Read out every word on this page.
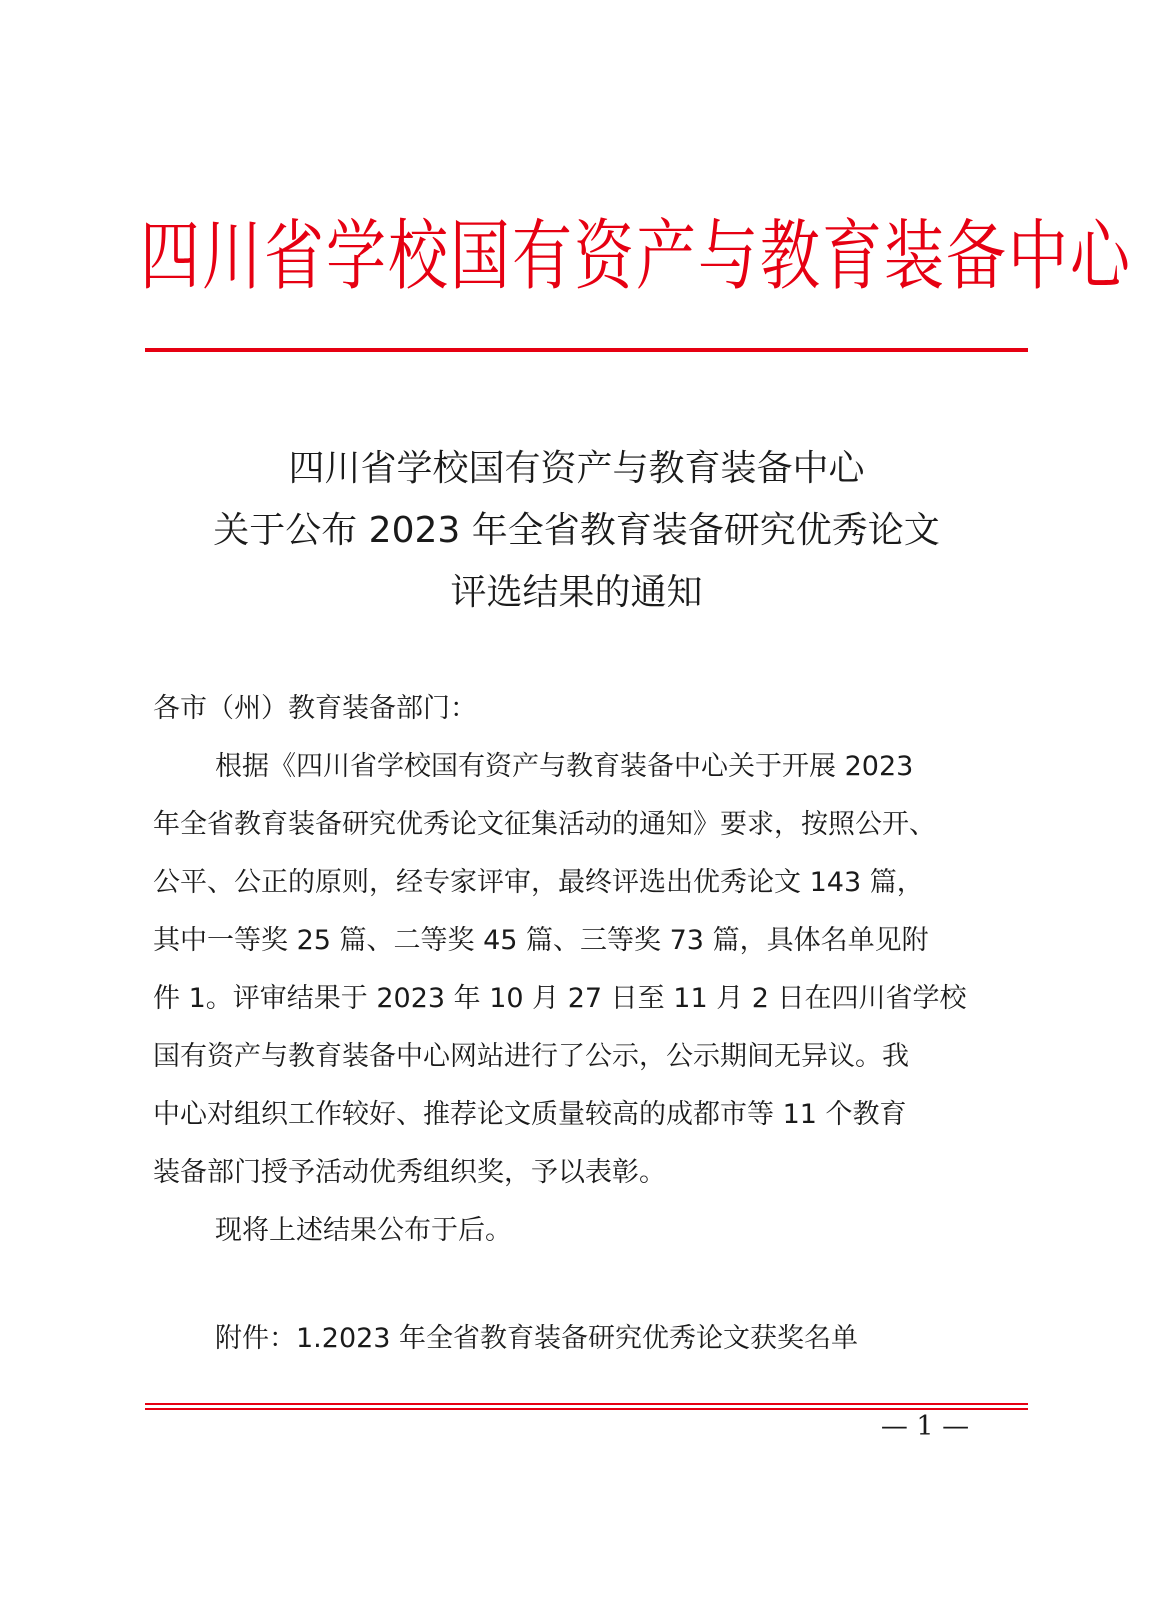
四川省学校国有资产与教育装备中心
四川省学校国有资产与教育装备中心
关于公布 2023 年全省教育装备研究优秀论文
评选结果的通知
各市（州）教育装备部门：
根据《四川省学校国有资产与教育装备中心关于开展 2023
年全省教育装备研究优秀论文征集活动的通知》要求，按照公开、
公平、公正的原则，经专家评审，最终评选出优秀论文 143 篇，
其中一等奖 25 篇、二等奖 45 篇、三等奖 73 篇，具体名单见附
件 1。评审结果于 2023 年 10 月 27 日至 11 月 2 日在四川省学校
国有资产与教育装备中心网站进行了公示，公示期间无异议。我
中心对组织工作较好、推荐论文质量较高的成都市等 11 个教育
装备部门授予活动优秀组织奖，予以表彰。
现将上述结果公布于后。
附件：1.2023 年全省教育装备研究优秀论文获奖名单
— 1 —
